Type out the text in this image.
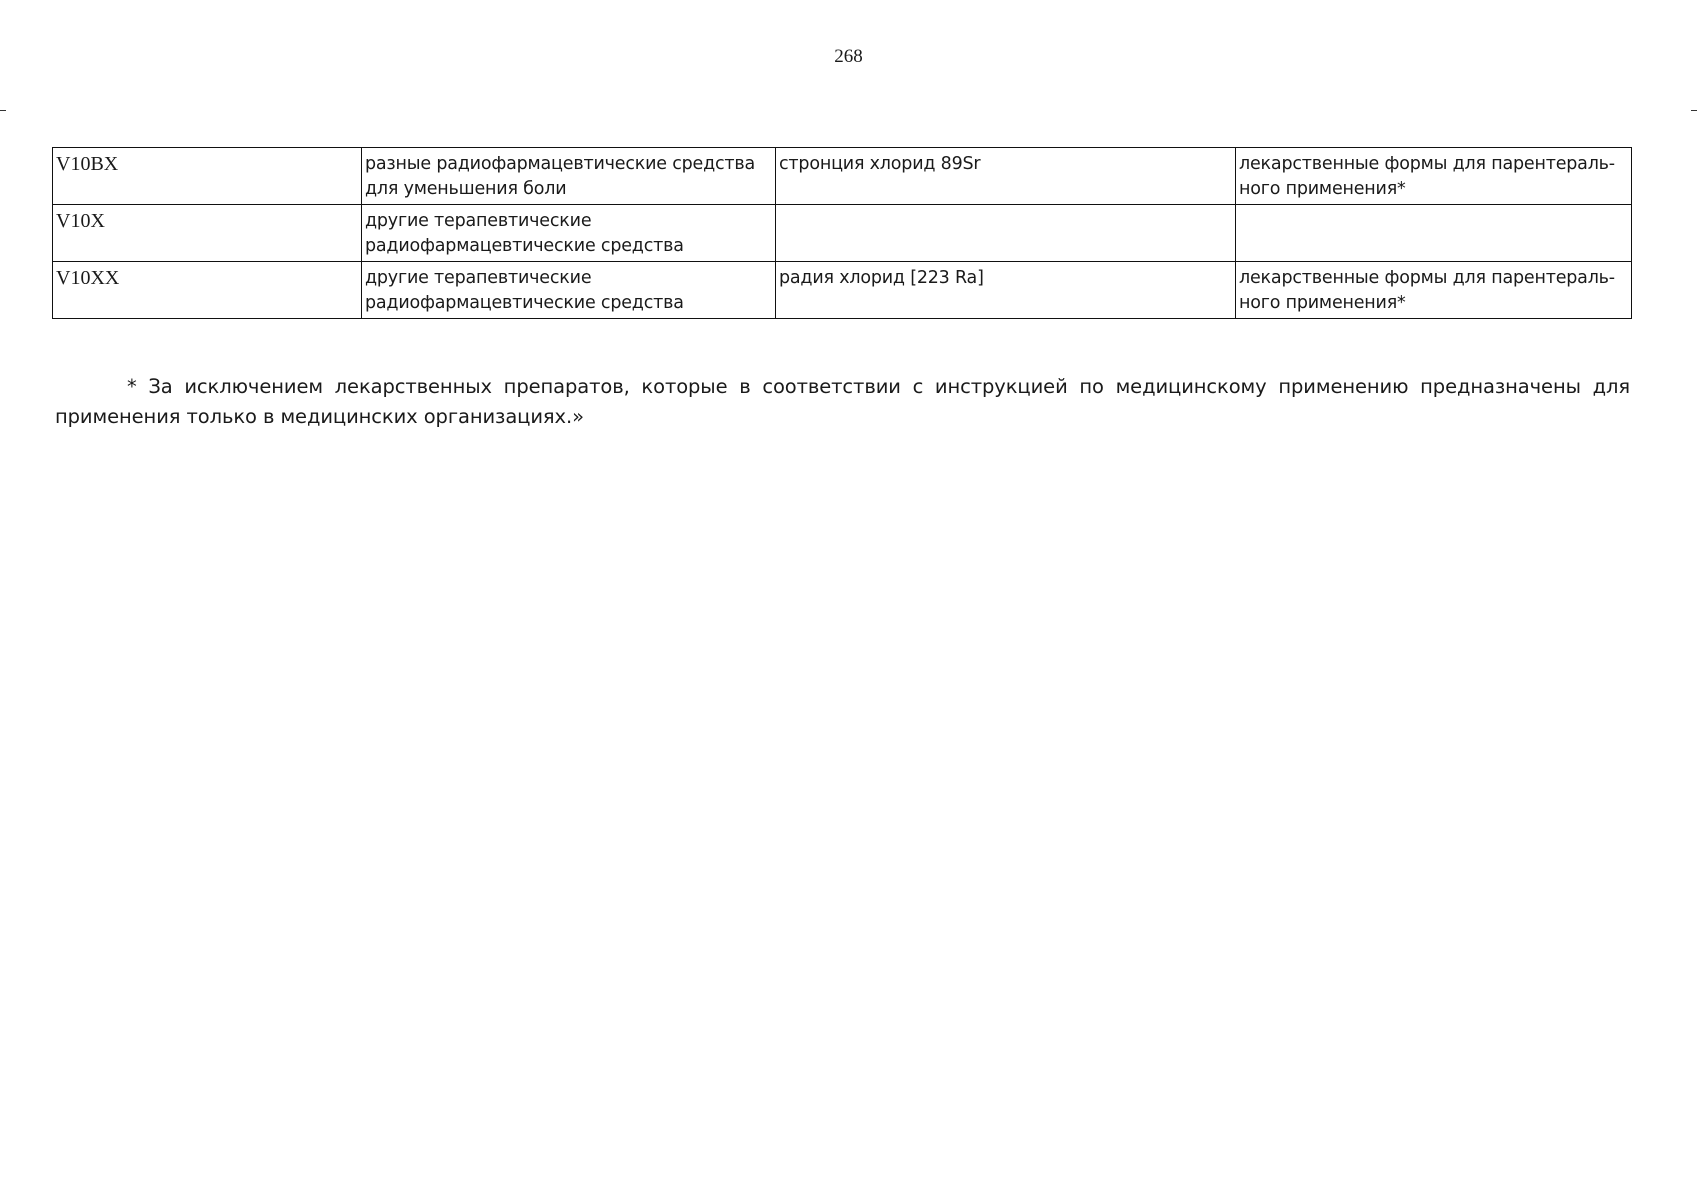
268
V10BX	разные радиофармацевтические средства для уменьшения боли	стронция хлорид 89Sr	лекарственные формы для парентераль-ного применения*
V10X	другие терапевтические радиофармацевтические средства		
V10XX	другие терапевтические радиофармацевтические средства	радия хлорид [223 Ra]	лекарственные формы для парентераль-ного применения*

* За исключением лекарственных препаратов, которые в соответствии с инструкцией по медицинскому применению предназначены для применения только в медицинских организациях.»
